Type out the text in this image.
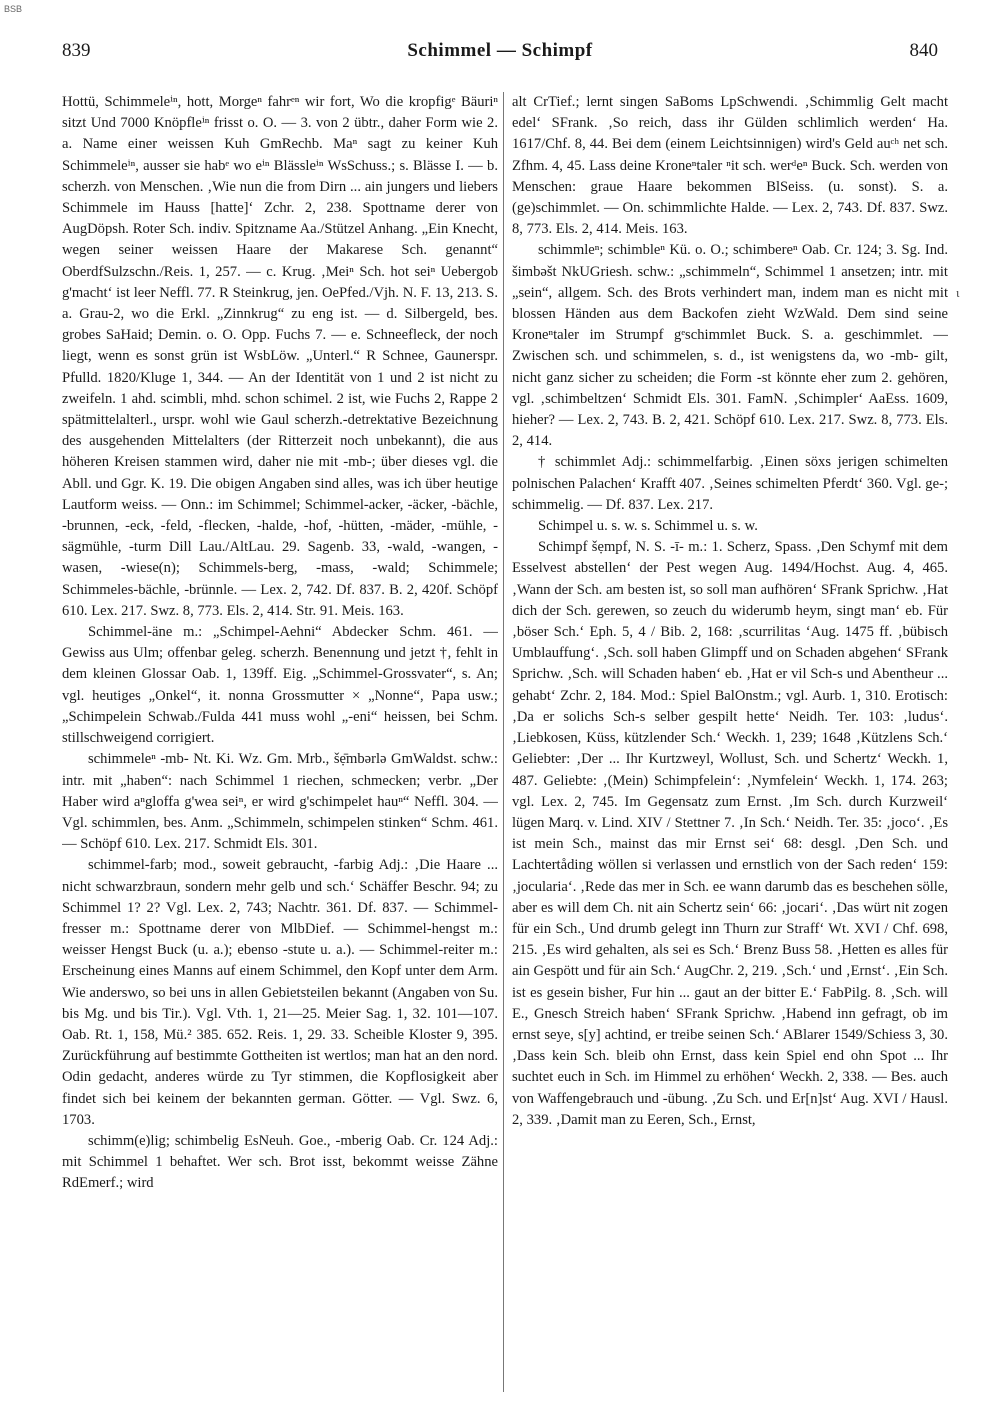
BSB
839	Schimmel — Schimpf	840

Hottü, Schimmeleⁱⁿ, hott, Morgeⁿ fahrᵉⁿ wir fort, Wo die kropfigᵉ Bäuriⁿ sitzt Und 7000 Knöpfleⁱⁿ frisst o. O. — 3. von 2 übtr., daher Form wie 2. a. Name einer weissen Kuh GmRechb. Maⁿ sagt zu keiner Kuh Schimmeleⁱⁿ, ausser sie habᵉ wo eⁱⁿ Blässleⁱⁿ WsSchuss.; s. Blässe I. — b. scherzh. von Menschen. ‚Wie nun die from Dirn ... ain jungers und liebers Schimmele im Hauss [hatte]‘ Zchr. 2, 238. Spottname derer von AugDöpsh. Roter Sch. indiv. Spitzname Aa./Stützel Anhang. „Ein Knecht, wegen seiner weissen Haare der Makarese Sch. genannt“ OberdfSulzschn./Reis. 1, 257. — c. Krug. ‚Meiⁿ Sch. hot seiⁿ Uebergob g'macht‘ ist leer Neffl. 77. R Steinkrug, jen. OePfed./Vjh. N. F. 13, 213. S. a. Grau-2, wo die Erkl. „Zinnkrug“ zu eng ist. — d. Silbergeld, bes. grobes SaHaid; Demin. o. O. Opp. Fuchs 7. — e. Schneefleck, der noch liegt, wenn es sonst grün ist WsbLöw. „Unterl.“ R Schnee, Gaunerspr. Pfulld. 1820/Kluge 1, 344. — An der Identität von 1 und 2 ist nicht zu zweifeln. 1 ahd. scimbli, mhd. schon schimel. 2 ist, wie Fuchs 2, Rappe 2 spätmittelalterl., urspr. wohl wie Gaul scherzh.-detrektative Bezeichnung des ausgehenden Mittelalters (der Ritterzeit noch unbekannt), die aus höheren Kreisen stammen wird, daher nie mit -mb-; über dieses vgl. die Abll. und Ggr. K. 19. Die obigen Angaben sind alles, was ich über heutige Lautform weiss. — Onn.: im Schimmel; Schimmel-acker, -äcker, -bächle, -brunnen, -eck, -feld, -flecken, -halde, -hof, -hütten, -mäder, -mühle, -sägmühle, -turm Dill Lau./AltLau. 29. Sagenb. 33, -wald, -wangen, -wasen, -wiese(n); Schimmels-berg, -mass, -wald; Schimmele; Schimmeles-bächle, -brünnle. — Lex. 2, 742. Df. 837. B. 2, 420f. Schöpf 610. Lex. 217. Swz. 8, 773. Els. 2, 414. Str. 91. Meis. 163.

Schimmel-äne m.: „Schimpel-Aehni“ Abdecker Schm. 461. — Gewiss aus Ulm; offenbar geleg. scherzh. Benennung und jetzt †, fehlt in dem kleinen Glossar Oab. 1, 139ff. Eig. „Schimmel-Grossvater“, s. An; vgl. heutiges „Onkel“, it. nonna Grossmutter × „Nonne“, Papa usw.; „Schimpelein Schwab./Fulda 441 muss wohl „-eni“ heissen, bei Schm. stillschweigend corrigiert.

schimmeleⁿ -mb- Nt. Ki. Wz. Gm. Mrb., šẹ̄mbərlə GmWaldst. schw.: intr. mit „haben“: nach Schimmel 1 riechen, schmecken; verbr. „Der Haber wird aⁿgloffa g'wea seiⁿ, er wird g'schimpelet hauⁿ“ Neffl. 304. — Vgl. schimmlen, bes. Anm. „Schimmeln, schimpelen stinken“ Schm. 461. — Schöpf 610. Lex. 217. Schmidt Els. 301.

schimmel-farb; mod., soweit gebraucht, -farbig Adj.: ‚Die Haare ... nicht schwarzbraun, sondern mehr gelb und sch.‘ Schäffer Beschr. 94; zu Schimmel 1? 2? Vgl. Lex. 2, 743; Nachtr. 361. Df. 837. — Schimmel-fresser m.: Spottname derer von MlbDief. — Schimmel-hengst m.: weisser Hengst Buck (u. a.); ebenso -stute u. a.). — Schimmel-reiter m.: Erscheinung eines Manns auf einem Schimmel, den Kopf unter dem Arm. Wie anderswo, so bei uns in allen Gebietsteilen bekannt (Angaben von Su. bis Mg. und bis Tir.). Vgl. Vth. 1, 21—25. Meier Sag. 1, 32. 101—107. Oab. Rt. 1, 158, Mü.² 385. 652. Reis. 1, 29. 33. Scheible Kloster 9, 395. Zurückführung auf bestimmte Gottheiten ist wertlos; man hat an den nord. Odin gedacht, anderes würde zu Tyr stimmen, die Kopflosigkeit aber findet sich bei keinem der bekannten german. Götter. — Vgl. Swz. 6, 1703.

schimm(e)lig; schimbelig EsNeuh. Goe., -mberig Oab. Cr. 124 Adj.: mit Schimmel 1 behaftet. Wer sch. Brot isst, bekommt weisse Zähne RdEmerf.; wird

alt CrTief.; lernt singen SaBoms LpSchwendi. ‚Schimmlig Gelt macht edel‘ SFrank. ‚So reich, dass ihr Gülden schlimlich werden‘ Ha. 1617/Chf. 8, 44. Bei dem (einem Leichtsinnigen) wird's Geld auᶜʰ net sch. Zfhm. 4, 45. Lass deine Kroneⁿtaler ⁿit sch. werᵈeⁿ Buck. Sch. werden von Menschen: graue Haare bekommen BlSeiss. (u. sonst). S. a. (ge)schimmlet. — On. schimmlichte Halde. — Lex. 2, 743. Df. 837. Swz. 8, 773. Els. 2, 414. Meis. 163.

schimmleⁿ; schimbleⁿ Kü. o. O.; schimbereⁿ Oab. Cr. 124; 3. Sg. Ind. šimbəšt NkUGriesh. schw.: „schimmeln“, Schimmel 1 ansetzen; intr. mit „sein“, allgem. Sch. des Brots verhindert man, indem man es nicht mit blossen Händen aus dem Backofen zieht WzWald. Dem sind seine Kroneⁿtaler im Strumpf gᵉschimmlet Buck. S. a. geschimmlet. — Zwischen sch. und schimmelen, s. d., ist wenigstens da, wo -mb- gilt, nicht ganz sicher zu scheiden; die Form -st könnte eher zum 2. gehören, vgl. ‚schimbeltzen‘ Schmidt Els. 301. FamN. ‚Schimpler‘ AaEss. 1609, hieher? — Lex. 2, 743. B. 2, 421. Schöpf 610. Lex. 217. Swz. 8, 773. Els. 2, 414.

† schimmlet Adj.: schimmelfarbig. ‚Einen söxs jerigen schimelten polnischen Palachen‘ Krafft 407. ‚Seines schimelten Pferdt‘ 360. Vgl. ge-; schimmelig. — Df. 837. Lex. 217.

Schimpel u. s. w. s. Schimmel u. s. w.

Schimpf šẹmpf, N. S. -ī- m.: 1. Scherz, Spass. ‚Den Schymf mit dem Esselvest abstellen‘ der Pest wegen Aug. 1494/Hochst. Aug. 4, 465. ‚Wann der Sch. am besten ist, so soll man aufhören‘ SFrank Sprichw. ‚Hat dich der Sch. gerewen, so zeuch du widerumb heym, singt man‘ eb. Für ‚böser Sch.‘ Eph. 5, 4 / Bib. 2, 168: ‚scurrilitas ‘Aug. 1475 ff. ‚bübisch Umblauffung‘. ‚Sch. soll haben Glimpff und on Schaden abgehen‘ SFrank Sprichw. ‚Sch. will Schaden haben‘ eb. ‚Hat er vil Sch-s und Abentheur ... gehabt‘ Zchr. 2, 184. Mod.: Spiel BalOnstm.; vgl. Aurb. 1, 310. Erotisch: ‚Da er solichs Sch-s selber gespilt hette‘ Neidh. Ter. 103: ‚ludus‘. ‚Liebkosen, Küss, kützlender Sch.‘ Weckh. 1, 239; 1648 ‚Kützlens Sch.‘ Geliebter: ‚Der ... Ihr Kurtzweyl, Wollust, Sch. und Schertz‘ Weckh. 1, 487. Geliebte: ‚(Mein) Schimpfelein‘: ‚Nymfelein‘ Weckh. 1, 174. 263; vgl. Lex. 2, 745. Im Gegensatz zum Ernst. ‚Im Sch. durch Kurzweil‘ lügen Marq. v. Lind. XIV / Stettner 7. ‚In Sch.‘ Neidh. Ter. 35: ‚joco‘. ‚Es ist mein Sch., mainst das mir Ernst sei‘ 68: desgl. ‚Den Sch. und Lachtertåding wöllen si verlassen und ernstlich von der Sach reden‘ 159: ‚jocularia‘. ‚Rede das mer in Sch. ee wann darumb das es beschehen sölle, aber es will dem Ch. nit ain Schertz sein‘ 66: ‚jocari‘. ‚Das würt nit zogen für ein Sch., Und drumb gelegt inn Thurn zur Straff‘ Wt. XVI / Chf. 698, 215. ‚Es wird gehalten, als sei es Sch.‘ Brenz Buss 58. ‚Hetten es alles für ain Gespött und für ain Sch.‘ AugChr. 2, 219. ‚Sch.‘ und ‚Ernst‘. ‚Ein Sch. ist es gesein bisher, Fur hin ... gaut an der bitter E.‘ FabPilg. 8. ‚Sch. will E., Gnesch Streich haben‘ SFrank Sprichw. ‚Habend inn gefragt, ob im ernst seye, s[y] achtind, er treibe seinen Sch.‘ ABlarer 1549/Schiess 3, 30. ‚Dass kein Sch. bleib ohn Ernst, dass kein Spiel end ohn Spot ... Ihr suchtet euch in Sch. im Himmel zu erhöhen‘ Weckh. 2, 338. — Bes. auch von Waffengebrauch und -übung. ‚Zu Sch. und Er[n]st‘ Aug. XVI / Hausl. 2, 339. ‚Damit man zu Eeren, Sch., Ernst,

ι
